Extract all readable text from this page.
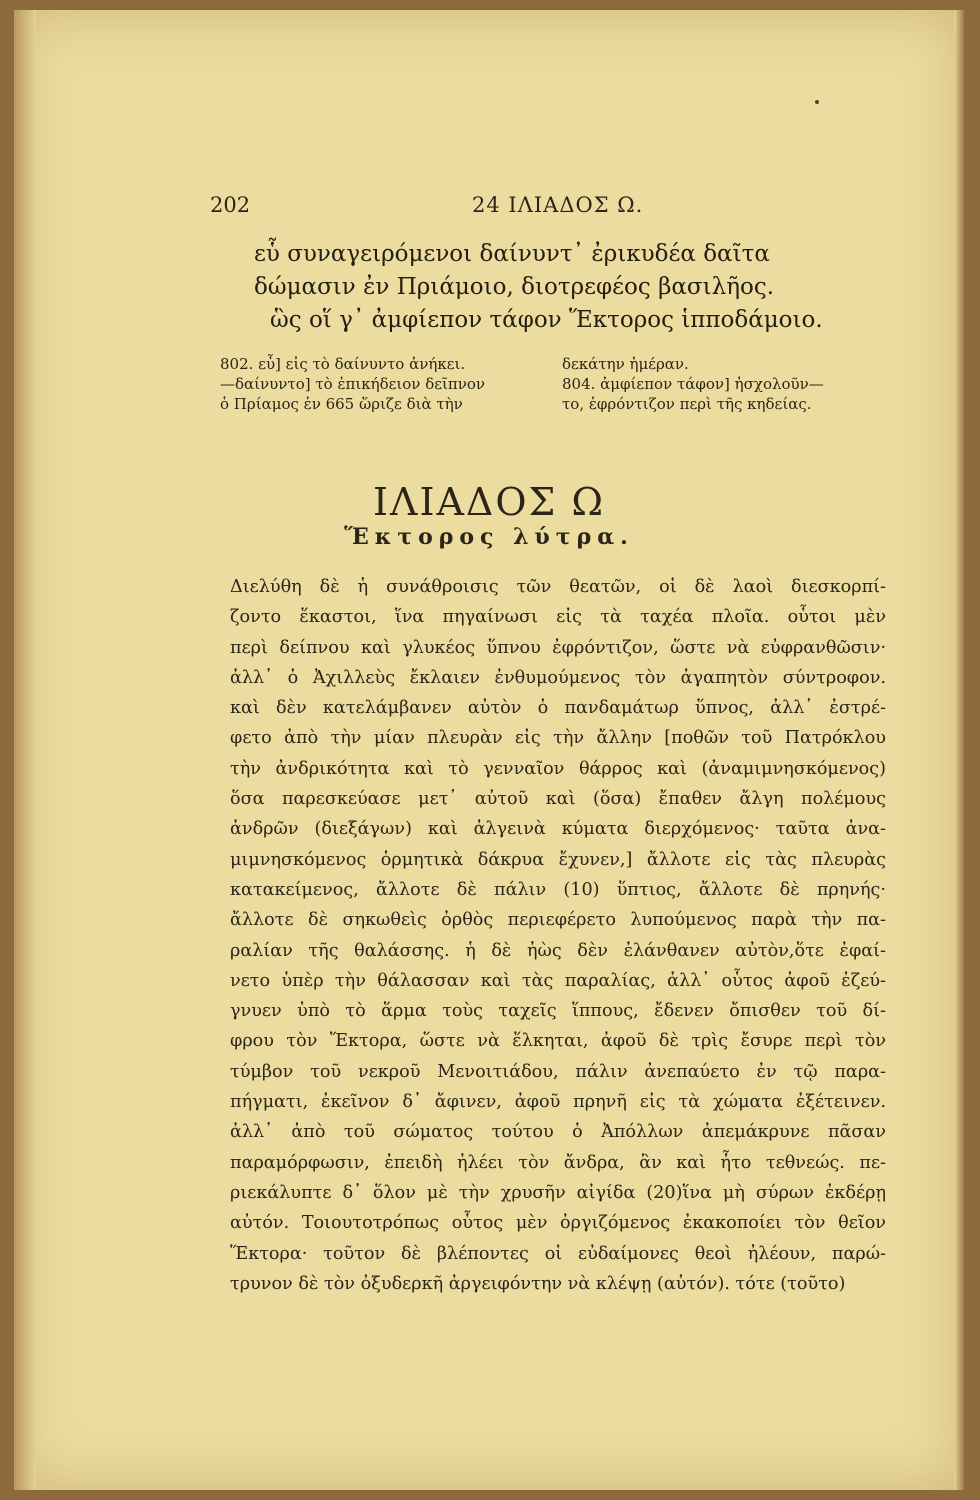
202	24 ΙΛΙΑΔΟΣ Ω.
εὗ συναγειρόμενοι δαίνυντ᾽ ἐρικυδέα δαῖτα
δώμασιν ἐν Πριάμοιο, διοτρεφέος βασιλῆος.
ὣς οἵ γ᾽ ἀμφίεπον τάφον Ἕκτορος ἱπποδάμοιο.
802. εὖ] εἰς τὸ δαίνυντο ἀνήκει.	δεκάτην ἡμέραν.
—δαίνυντο] τὸ ἐπικήδειον δεῖπνον	804. ἀμφίεπον τάφον] ἠσχολοῦν—
ὁ Πρίαμος ἐν 665 ὥριζε διὰ τὴν	το, ἐφρόντιζον περὶ τῆς κηδείας.
ΙΛΙΑΔΟΣ Ω
Ἕκτορος λύτρα.
Διελύθη δὲ ἡ συνάθροισις τῶν θεατῶν, οἱ δὲ λαοὶ διεσκορπί-
ζοντο ἕκαστοι, ἵνα πηγαίνωσι εἰς τὰ ταχέα πλοῖα. οὗτοι μὲν
περὶ δείπνου καὶ γλυκέος ὕπνου ἐφρόντιζον, ὥστε νὰ εὐφρανθῶσιν·
ἀλλ᾽ ὁ Ἀχιλλεὺς ἔκλαιεν ἐνθυμούμενος τὸν ἀγαπητὸν σύντροφον.
καὶ δὲν κατελάμβανεν αὐτὸν ὁ πανδαμάτωρ ὕπνος, ἀλλ᾽ ἐστρέ-
φετο ἀπὸ τὴν μίαν πλευρὰν εἰς τὴν ἄλλην [ποθῶν τοῦ Πατρόκλου
τὴν ἀνδρικότητα καὶ τὸ γενναῖον θάρρος καὶ (ἀναμιμνησκόμενος)
ὅσα παρεσκεύασε μετ᾽ αὐτοῦ καὶ (ὅσα) ἔπαθεν ἄλγη πολέμους
ἀνδρῶν (διεξάγων) καὶ ἀλγεινὰ κύματα διερχόμενος· ταῦτα ἀνα-
μιμνησκόμενος ὁρμητικὰ δάκρυα ἔχυνεν,] ἄλλοτε εἰς τὰς πλευρὰς
κατακείμενος, ἄλλοτε δὲ πάλιν (10) ὕπτιος, ἄλλοτε δὲ πρηνής·
ἄλλοτε δὲ σηκωθεὶς ὀρθὸς περιεφέρετο λυπούμενος παρὰ τὴν πα-
ραλίαν τῆς θαλάσσης. ἡ δὲ ἠὼς δὲν ἐλάνθανεν αὐτὸν,ὅτε ἐφαί-
νετο ὑπὲρ τὴν θάλασσαν καὶ τὰς παραλίας, ἀλλ᾽ οὗτος ἀφοῦ ἐζεύ-
γνυεν ὑπὸ τὸ ἅρμα τοὺς ταχεῖς ἵππους, ἔδενεν ὄπισθεν τοῦ δί-
φρου τὸν Ἕκτορα, ὥστε νὰ ἕλκηται, ἀφοῦ δὲ τρὶς ἔσυρε περὶ τὸν
τύμβον τοῦ νεκροῦ Μενοιτιάδου, πάλιν ἀνεπαύετο ἐν τῷ παρα-
πήγματι, ἐκεῖνον δ᾽ ἄφινεν, ἀφοῦ πρηνῆ εἰς τὰ χώματα ἐξέτεινεν.
ἀλλ᾽ ἀπὸ τοῦ σώματος τούτου ὁ Ἀπόλλων ἀπεμάκρυνε πᾶσαν
παραμόρφωσιν, ἐπειδὴ ἠλέει τὸν ἄνδρα, ἂν καὶ ἦτο τεθνεώς. πε-
ριεκάλυπτε δ᾽ ὅλον μὲ τὴν χρυσῆν αἰγίδα (20)ἵνα μὴ σύρων ἐκδέρῃ
αὐτόν. Τοιουτοτρόπως οὗτος μὲν ὀργιζόμενος ἐκακοποίει τὸν θεῖον
Ἕκτορα· τοῦτον δὲ βλέποντες οἱ εὐδαίμονες θεοὶ ἠλέουν, παρώ-
τρυνον δὲ τὸν ὀξυδερκῆ ἀργειφόντην νὰ κλέψῃ (αὐτόν). τότε (τοῦτο)
